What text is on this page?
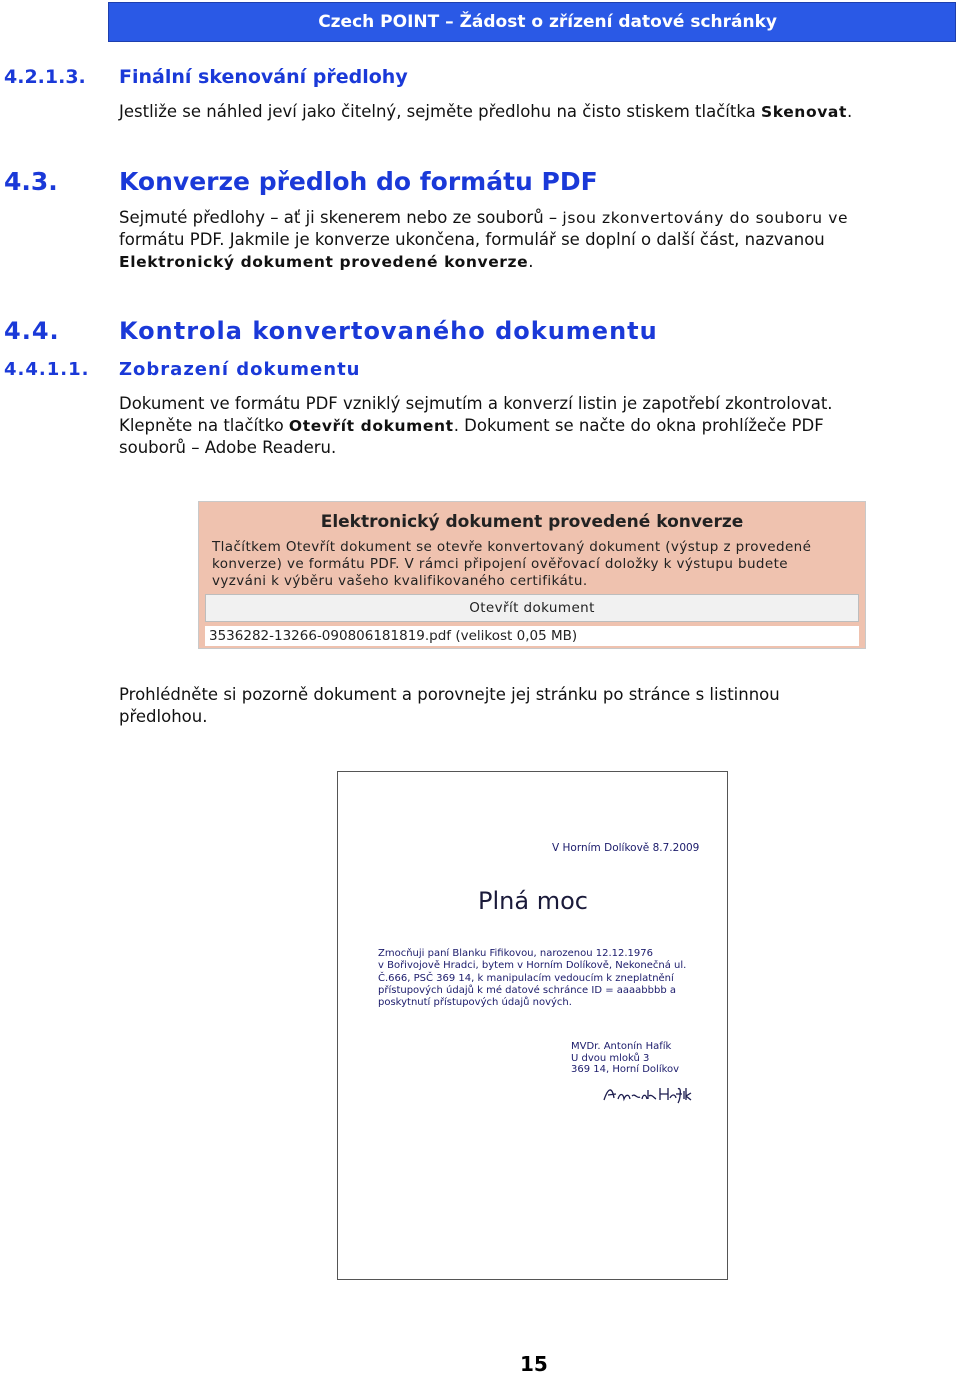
Czech POINT – Žádost o zřízení datové schránky
4.2.1.3. Finální skenování předlohy
Jestliže se náhled jeví jako čitelný, sejměte předlohu na čisto stiskem tlačítka Skenovat.
4.3. Konverze předloh do formátu PDF
Sejmuté předlohy – ať ji skenerem nebo ze souborů – jsou zkonvertovány do souboru ve
formátu PDF. Jakmile je konverze ukončena, formulář se doplní o další část, nazvanou
Elektronický dokument provedené konverze.
4.4. Kontrola konvertovaného dokumentu
4.4.1.1. Zobrazení dokumentu
Dokument ve formátu PDF vzniklý sejmutím a konverzí listin je zapotřebí zkontrolovat.
Klepněte na tlačítko Otevřít dokument. Dokument se načte do okna prohlížeče PDF
souborů – Adobe Readeru.
Elektronický dokument provedené konverze
Tlačítkem Otevřít dokument se otevře konvertovaný dokument (výstup z provedené
konverze) ve formátu PDF. V rámci připojení ověřovací doložky k výstupu budete
vyzváni k výběru vašeho kvalifikovaného certifikátu.
Otevřít dokument
3536282-13266-090806181819.pdf (velikost 0,05 MB)
Prohlédněte si pozorně dokument a porovnejte jej stránku po stránce s listinnou
předlohou.
V Horním Dolíkově 8.7.2009
Plná moc
Zmocňuji paní Blanku Fifikovou, narozenou 12.12.1976
v Bořivojově Hradci, bytem v Horním Dolíkově, Nekonečná ul.
Č.666, PSČ 369 14, k manipulacím vedoucím k zneplatnění
přístupových údajů k mé datové schránce ID = aaaabbbb a
poskytnutí přístupových údajů nových.
MVDr. Antonín Hafík
U dvou mloků 3
369 14, Horní Dolíkov
15
